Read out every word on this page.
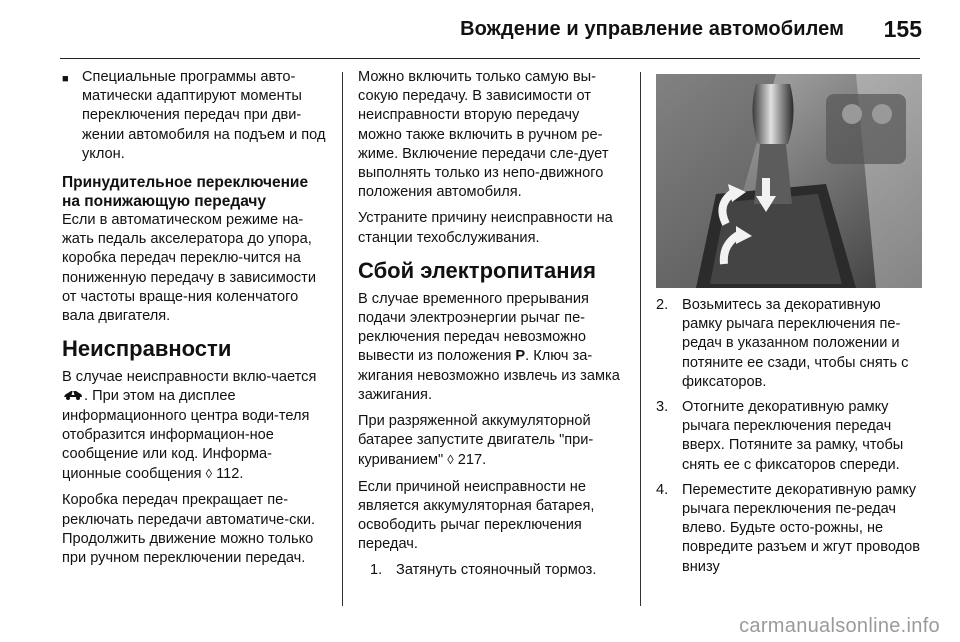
Вождение и управление автомобилем 155
■ Специальные программы авто-матически адаптируют моменты переключения передач при дви-жении автомобиля на подъем и под уклон.
Принудительное переключение на понижающую передачу

Если в автоматическом режиме на-жать педаль акселератора до упора, коробка передач переклю-чится на пониженную передачу в зависимости от частоты враще-ния коленчатого вала двигателя.

Неисправности

В случае неисправности вклю-чается . При этом на дисплее информационного центра води-теля отобразится информацион-ное сообщение или код. Информа-ционные сообщения ◊ 112.

Коробка передач прекращает пе-реключать передачи автоматиче-ски. Продолжить движение можно только при ручном переключении передач.

Можно включить только самую вы-сокую передачу. В зависимости от неисправности вторую передачу можно также включить в ручном ре-жиме. Включение передачи сле-дует выполнять только из непо-движного положения автомобиля.

Устраните причину неисправности на станции техобслуживания.

Сбой электропитания

В случае временного прерывания подачи электроэнергии рычаг пе-реключения передач невозможно вывести из положения P. Ключ за-жигания невозможно извлечь из замка зажигания.

При разряженной аккумуляторной батарее запустите двигатель "при-куриванием" ◊ 217.

Если причиной неисправности не является аккумуляторная батарея, освободить рычаг переключения передач.

1. Затянуть стояночный тормоз.
2. Возьмитесь за декоративную рамку рычага переключения пе-редач в указанном положении и потяните ее сзади, чтобы снять с фиксаторов.
3. Отогните декоративную рамку рычага переключения передач вверх. Потяните за рамку, чтобы снять ее с фиксаторов спереди.
4. Переместите декоративную рамку рычага переключения пе-редач влево. Будьте осто-рожны, не повредите разъем и жгут проводов внизу
carmanualsonline.info
